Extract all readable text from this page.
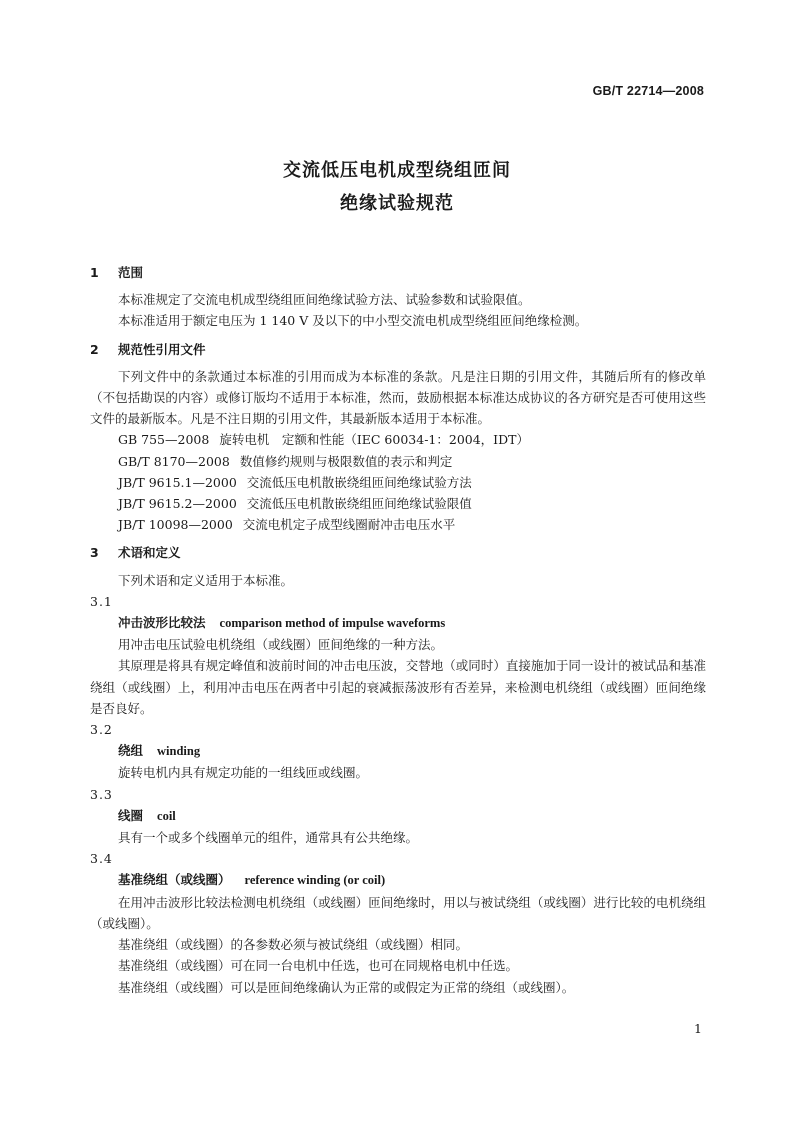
GB/T 22714—2008
交流低压电机成型绕组匝间
绝缘试验规范
1 范围

本标准规定了交流电机成型绕组匝间绝缘试验方法、试验参数和试验限值。

本标准适用于额定电压为 1 140 V 及以下的中小型交流电机成型绕组匝间绝缘检测。

2 规范性引用文件

下列文件中的条款通过本标准的引用而成为本标准的条款。凡是注日期的引用文件，其随后所有的修改单（不包括勘误的内容）或修订版均不适用于本标准，然而，鼓励根据本标准达成协议的各方研究是否可使用这些文件的最新版本。凡是不注日期的引用文件，其最新版本适用于本标准。

GB 755—2008 旋转电机　定额和性能（IEC 60034-1：2004，IDT）

GB/T 8170—2008 数值修约规则与极限数值的表示和判定

JB/T 9615.1—2000 交流低压电机散嵌绕组匝间绝缘试验方法

JB/T 9615.2—2000 交流低压电机散嵌绕组匝间绝缘试验限值

JB/T 10098—2000 交流电机定子成型线圈耐冲击电压水平

3 术语和定义

下列术语和定义适用于本标准。

3.1

冲击波形比较法 comparison method of impulse waveforms

用冲击电压试验电机绕组（或线圈）匝间绝缘的一种方法。

其原理是将具有规定峰值和波前时间的冲击电压波，交替地（或同时）直接施加于同一设计的被试品和基准绕组（或线圈）上，利用冲击电压在两者中引起的衰减振荡波形有否差异，来检测电机绕组（或线圈）匝间绝缘是否良好。

3.2

绕组 winding

旋转电机内具有规定功能的一组线匝或线圈。

3.3

线圈 coil

具有一个或多个线圈单元的组件，通常具有公共绝缘。

3.4

基准绕组（或线圈） reference winding (or coil)

在用冲击波形比较法检测电机绕组（或线圈）匝间绝缘时，用以与被试绕组（或线圈）进行比较的电机绕组（或线圈）。

基准绕组（或线圈）的各参数必须与被试绕组（或线圈）相同。

基准绕组（或线圈）可在同一台电机中任选，也可在同规格电机中任选。

基准绕组（或线圈）可以是匝间绝缘确认为正常的或假定为正常的绕组（或线圈）。

1
